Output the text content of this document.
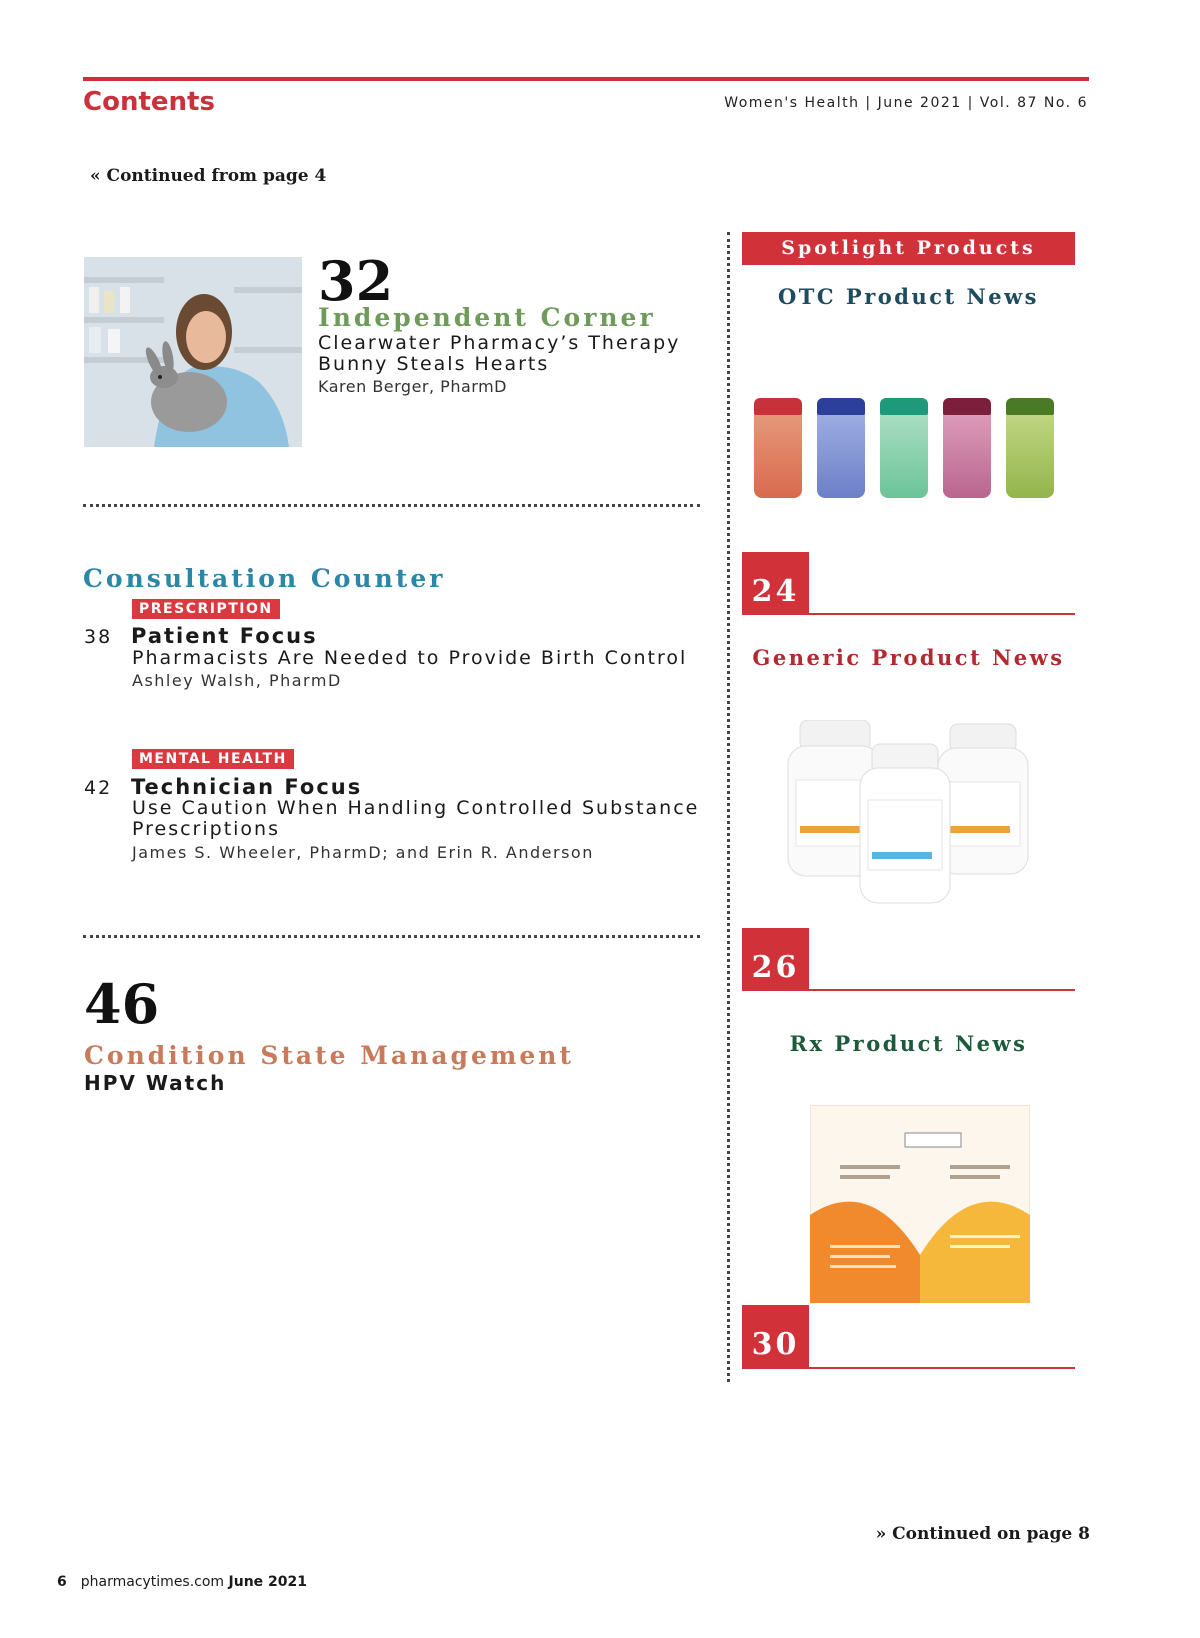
Contents	Women's Health | June 2021 | Vol. 87 No. 6
« Continued from page 4
32
Independent Corner
Clearwater Pharmacy’s Therapy
Bunny Steals Hearts
Karen Berger, PharmD
Consultation Counter
PRESCRIPTION
38 Patient Focus
Pharmacists Are Needed to Provide Birth Control
Ashley Walsh, PharmD
MENTAL HEALTH
42 Technician Focus
Use Caution When Handling Controlled Substance
Prescriptions
James S. Wheeler, PharmD; and Erin R. Anderson
46
Condition State Management
HPV Watch
Spotlight Products
OTC Product News
24
Generic Product News
26
Rx Product News
30
» Continued on page 8
6 pharmacytimes.com June 2021
